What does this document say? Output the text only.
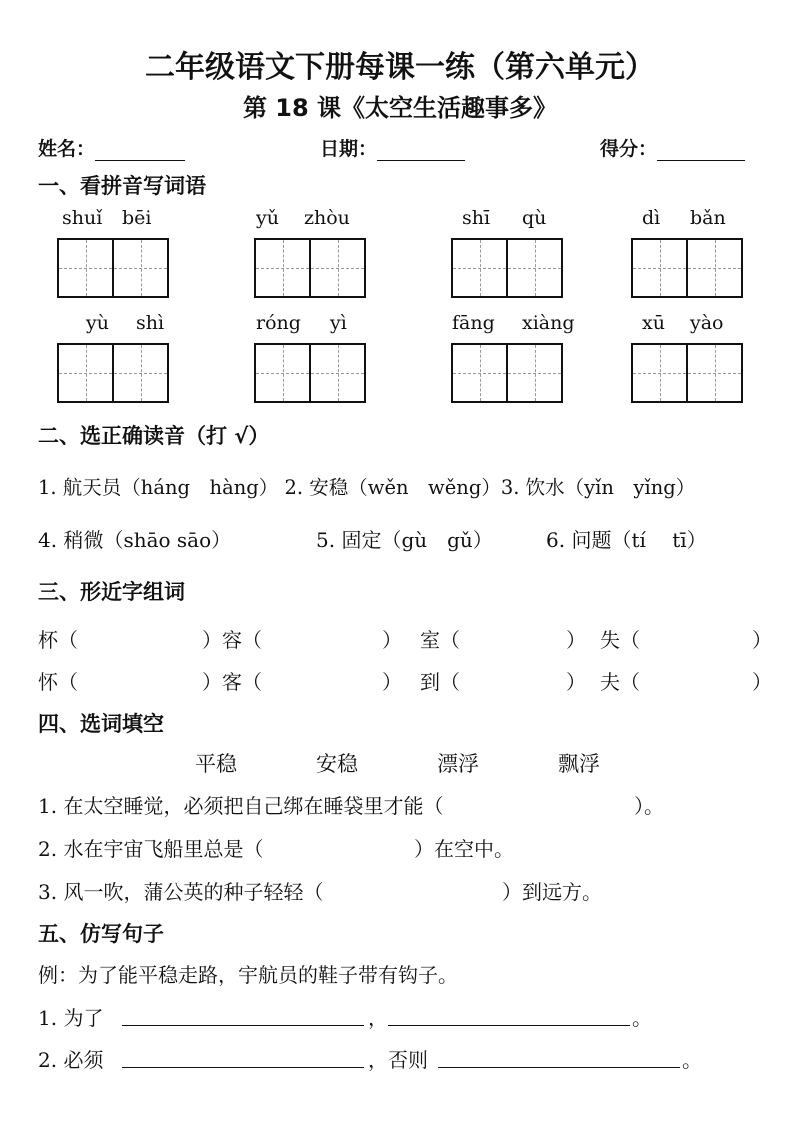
二年级语文下册每课一练（第六单元）
第 18 课《太空生活趣事多》
姓名：	日期：	得分：
一、看拼音写词语
shuǐ bēi	yǔ zhòu	shī qù	dì bǎn
yù shì	róng yì	fāng xiàng	xū yào
二、选正确读音（打 √）
1. 航天员（háng　hàng） 2. 安稳（wěn　wěng）3. 饮水（yǐn　yǐng）
4. 稍微（shāo sāo）	5. 固定（gù　gǔ）	6. 问题（tí　 tī）
三、形近字组词
杯（	）容（	） 室（	） 失（	）
怀（	）客（	） 到（	） 夫（	）
四、选词填空
平稳	安稳	漂浮	飘浮
1. 在太空睡觉，必须把自己绑在睡袋里才能（	）。
2. 水在宇宙飞船里总是（	）在空中。
3. 风一吹，蒲公英的种子轻轻（	）到远方。
五、仿写句子
例：为了能平稳走路，宇航员的鞋子带有钩子。
1. 为了	，	。
2. 必须	，否则	。
